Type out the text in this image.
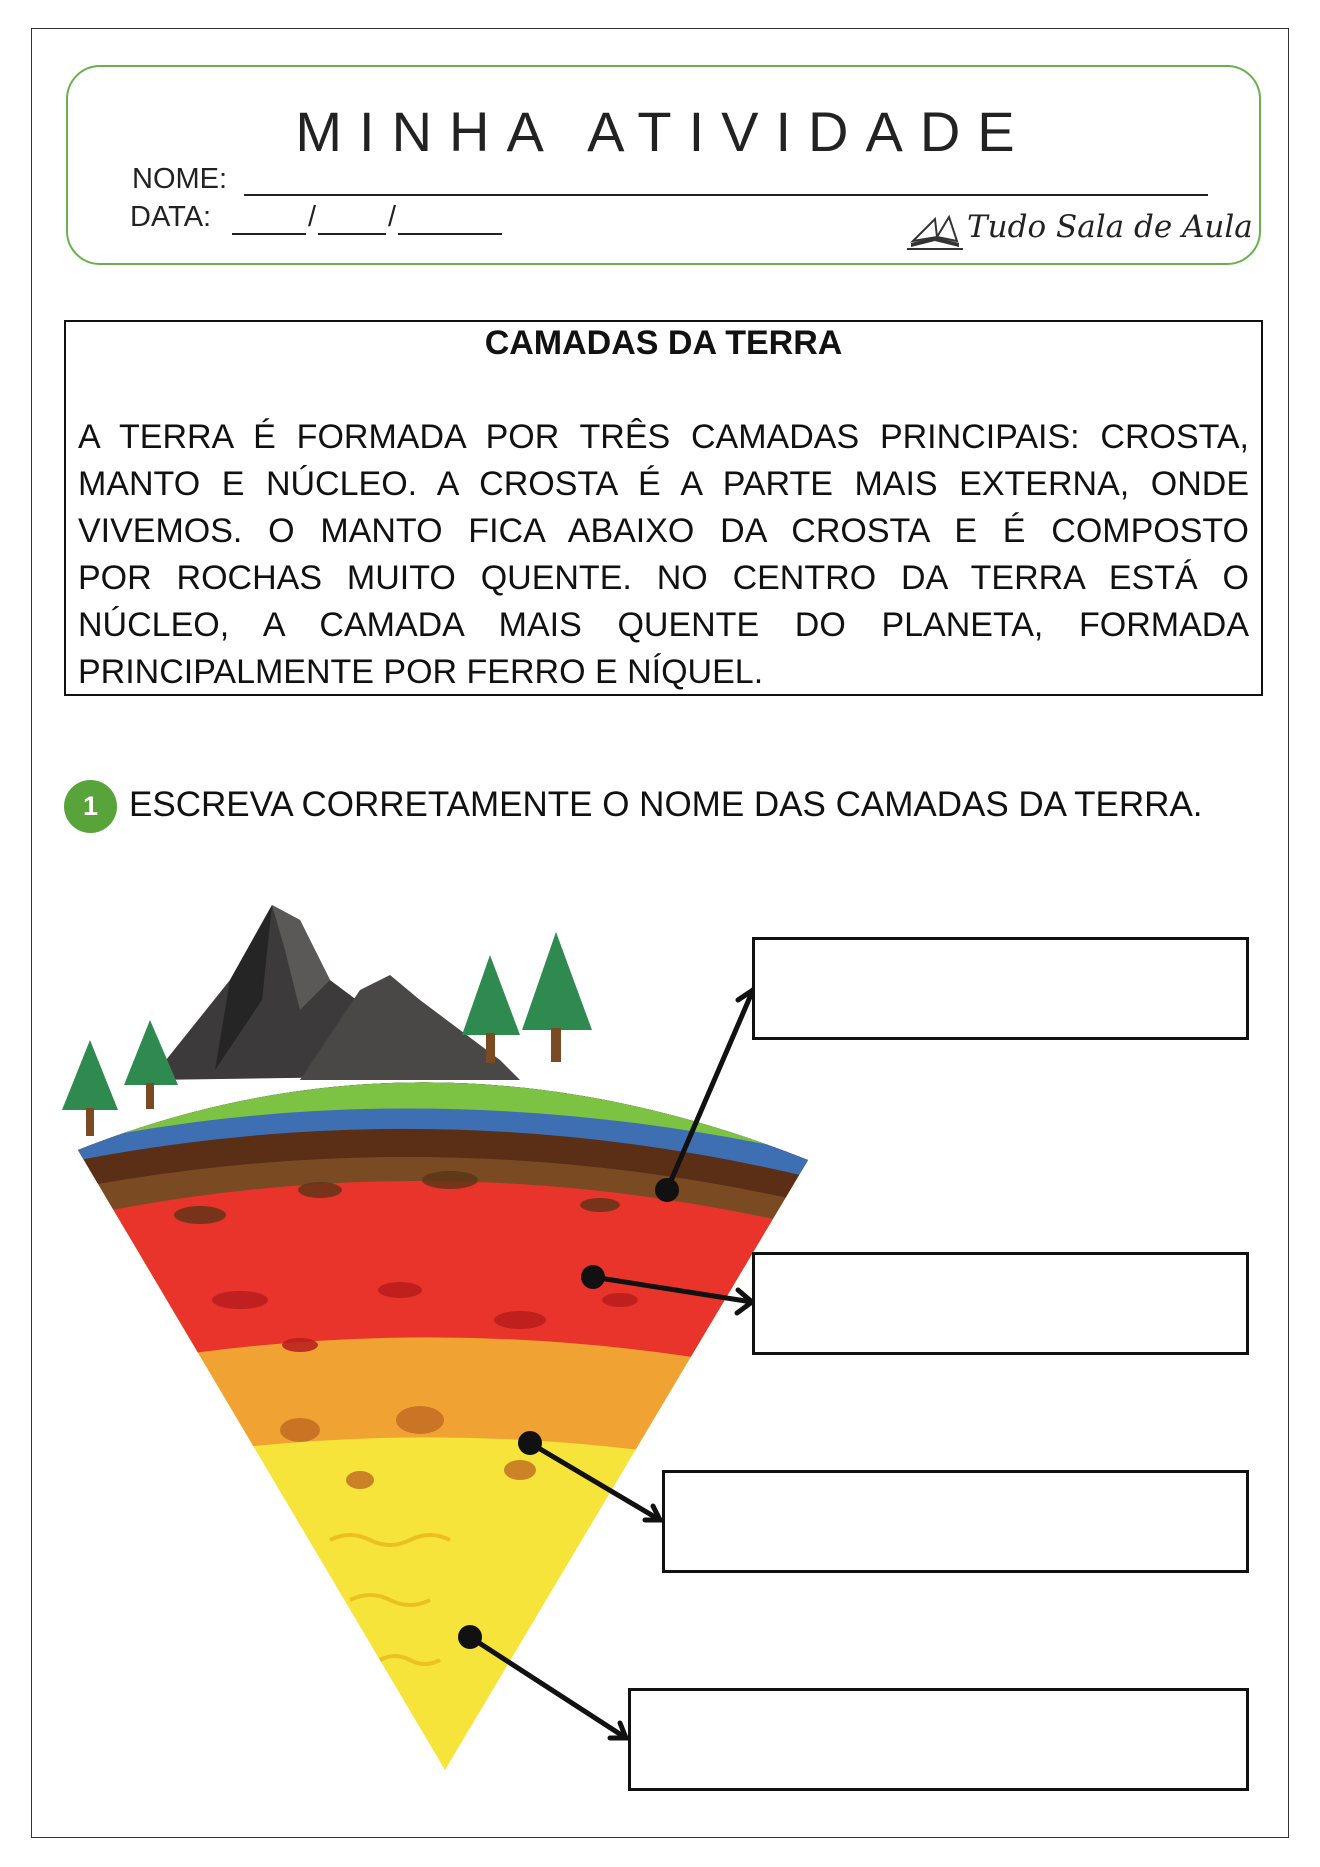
MINHA ATIVIDADE
NOME:
DATA:	/ /	Tudo Sala de Aula
CAMADAS DA TERRA
A TERRA É FORMADA POR TRÊS CAMADAS PRINCIPAIS: CROSTA,
MANTO E NÚCLEO. A CROSTA É A PARTE MAIS EXTERNA, ONDE
VIVEMOS. O MANTO FICA ABAIXO DA CROSTA E É COMPOSTO
POR ROCHAS MUITO QUENTE. NO CENTRO DA TERRA ESTÁ O
NÚCLEO, A CAMADA MAIS QUENTE DO PLANETA, FORMADA
PRINCIPALMENTE POR FERRO E NÍQUEL.
1 ESCREVA CORRETAMENTE O NOME DAS CAMADAS DA TERRA.
